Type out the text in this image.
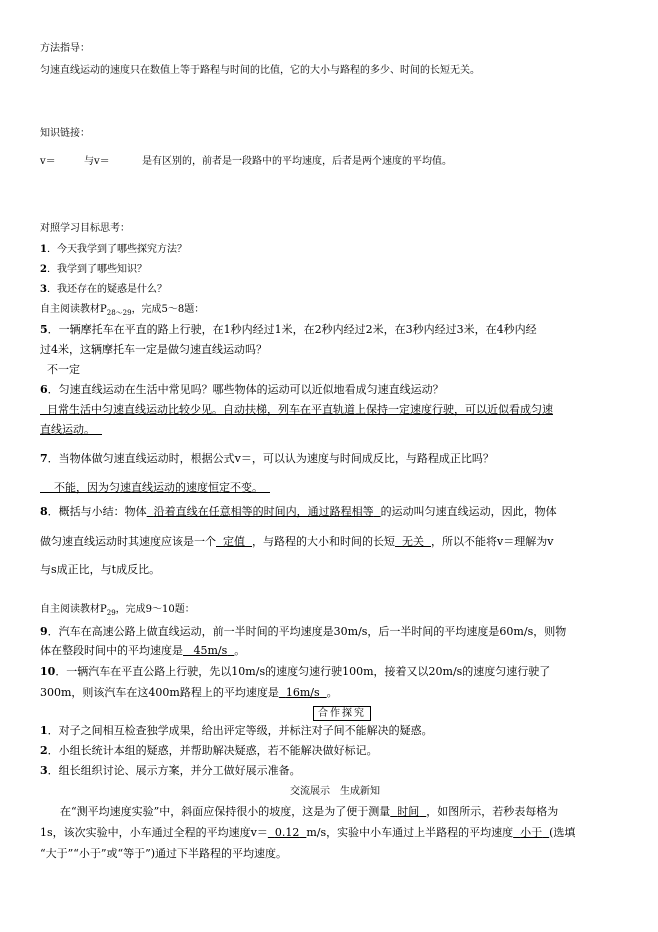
方法指导：
匀速直线运动的速度只在数值上等于路程与时间的比值，它的大小与路程的多少、时间的长短无关。
知识链接：
v＝	与v＝	是有区别的，前者是一段路中的平均速度，后者是两个速度的平均值。
对照学习目标思考：
1．今天我学到了哪些探究方法？
2．我学到了哪些知识？
3．我还存在的疑惑是什么？
自主阅读教材$P_{28\sim 29}$，完成5～8题：
5．一辆摩托车在平直的路上行驶，在1秒内经过1米，在2秒内经过2米，在3秒内经过3米，在4秒内经
过4米，这辆摩托车一定是做匀速直线运动吗？
不一定
6．匀速直线运动在生活中常见吗？哪些物体的运动可以近似地看成匀速直线运动？
日常生活中匀速直线运动比较少见。自动扶梯，列车在平直轨道上保持一定速度行驶，可以近似看成匀速
直线运动。
7．当物体做匀速直线运动时，根据公式v＝，可以认为速度与时间成反比，与路程成正比吗？
不能，因为匀速直线运动的速度恒定不变。
8．概括与小结：物体 沿着直线在任意相等的时间内，通过路程相等 的运动叫匀速直线运动，因此，物体
做匀速直线运动时其速度应该是一个 定值 ，与路程的大小和时间的长短 无关 ，所以不能将v＝理解为v
与s成正比，与t成反比。
自主阅读教材$P_{29}$，完成9～10题：
9．汽车在高速公路上做直线运动，前一半时间的平均速度是30m/s，后一半时间的平均速度是60m/s，则物
体在整段时间中的平均速度是 45m/s 。
10．一辆汽车在平直公路上行驶，先以10m/s的速度匀速行驶100m，接着又以20m/s的速度匀速行驶了
300m，则该汽车在这400m路程上的平均速度是 16m/s 。
合作探究
1．对子之间相互检查独学成果，给出评定等级，并标注对子间不能解决的疑惑。
2．小组长统计本组的疑惑，并帮助解决疑惑，若不能解决做好标记。
3．组长组织讨论、展示方案，并分工做好展示准备。
交流展示　生成新知
在“测平均速度实验”中，斜面应保持很小的坡度，这是为了便于测量 时间 ，如图所示，若秒表每格为
1s，该次实验中，小车通过全程的平均速度v＝ 0.12 m/s，实验中小车通过上半路程的平均速度 小于 (选填
“大于”“小于”或“等于”)通过下半路程的平均速度。
